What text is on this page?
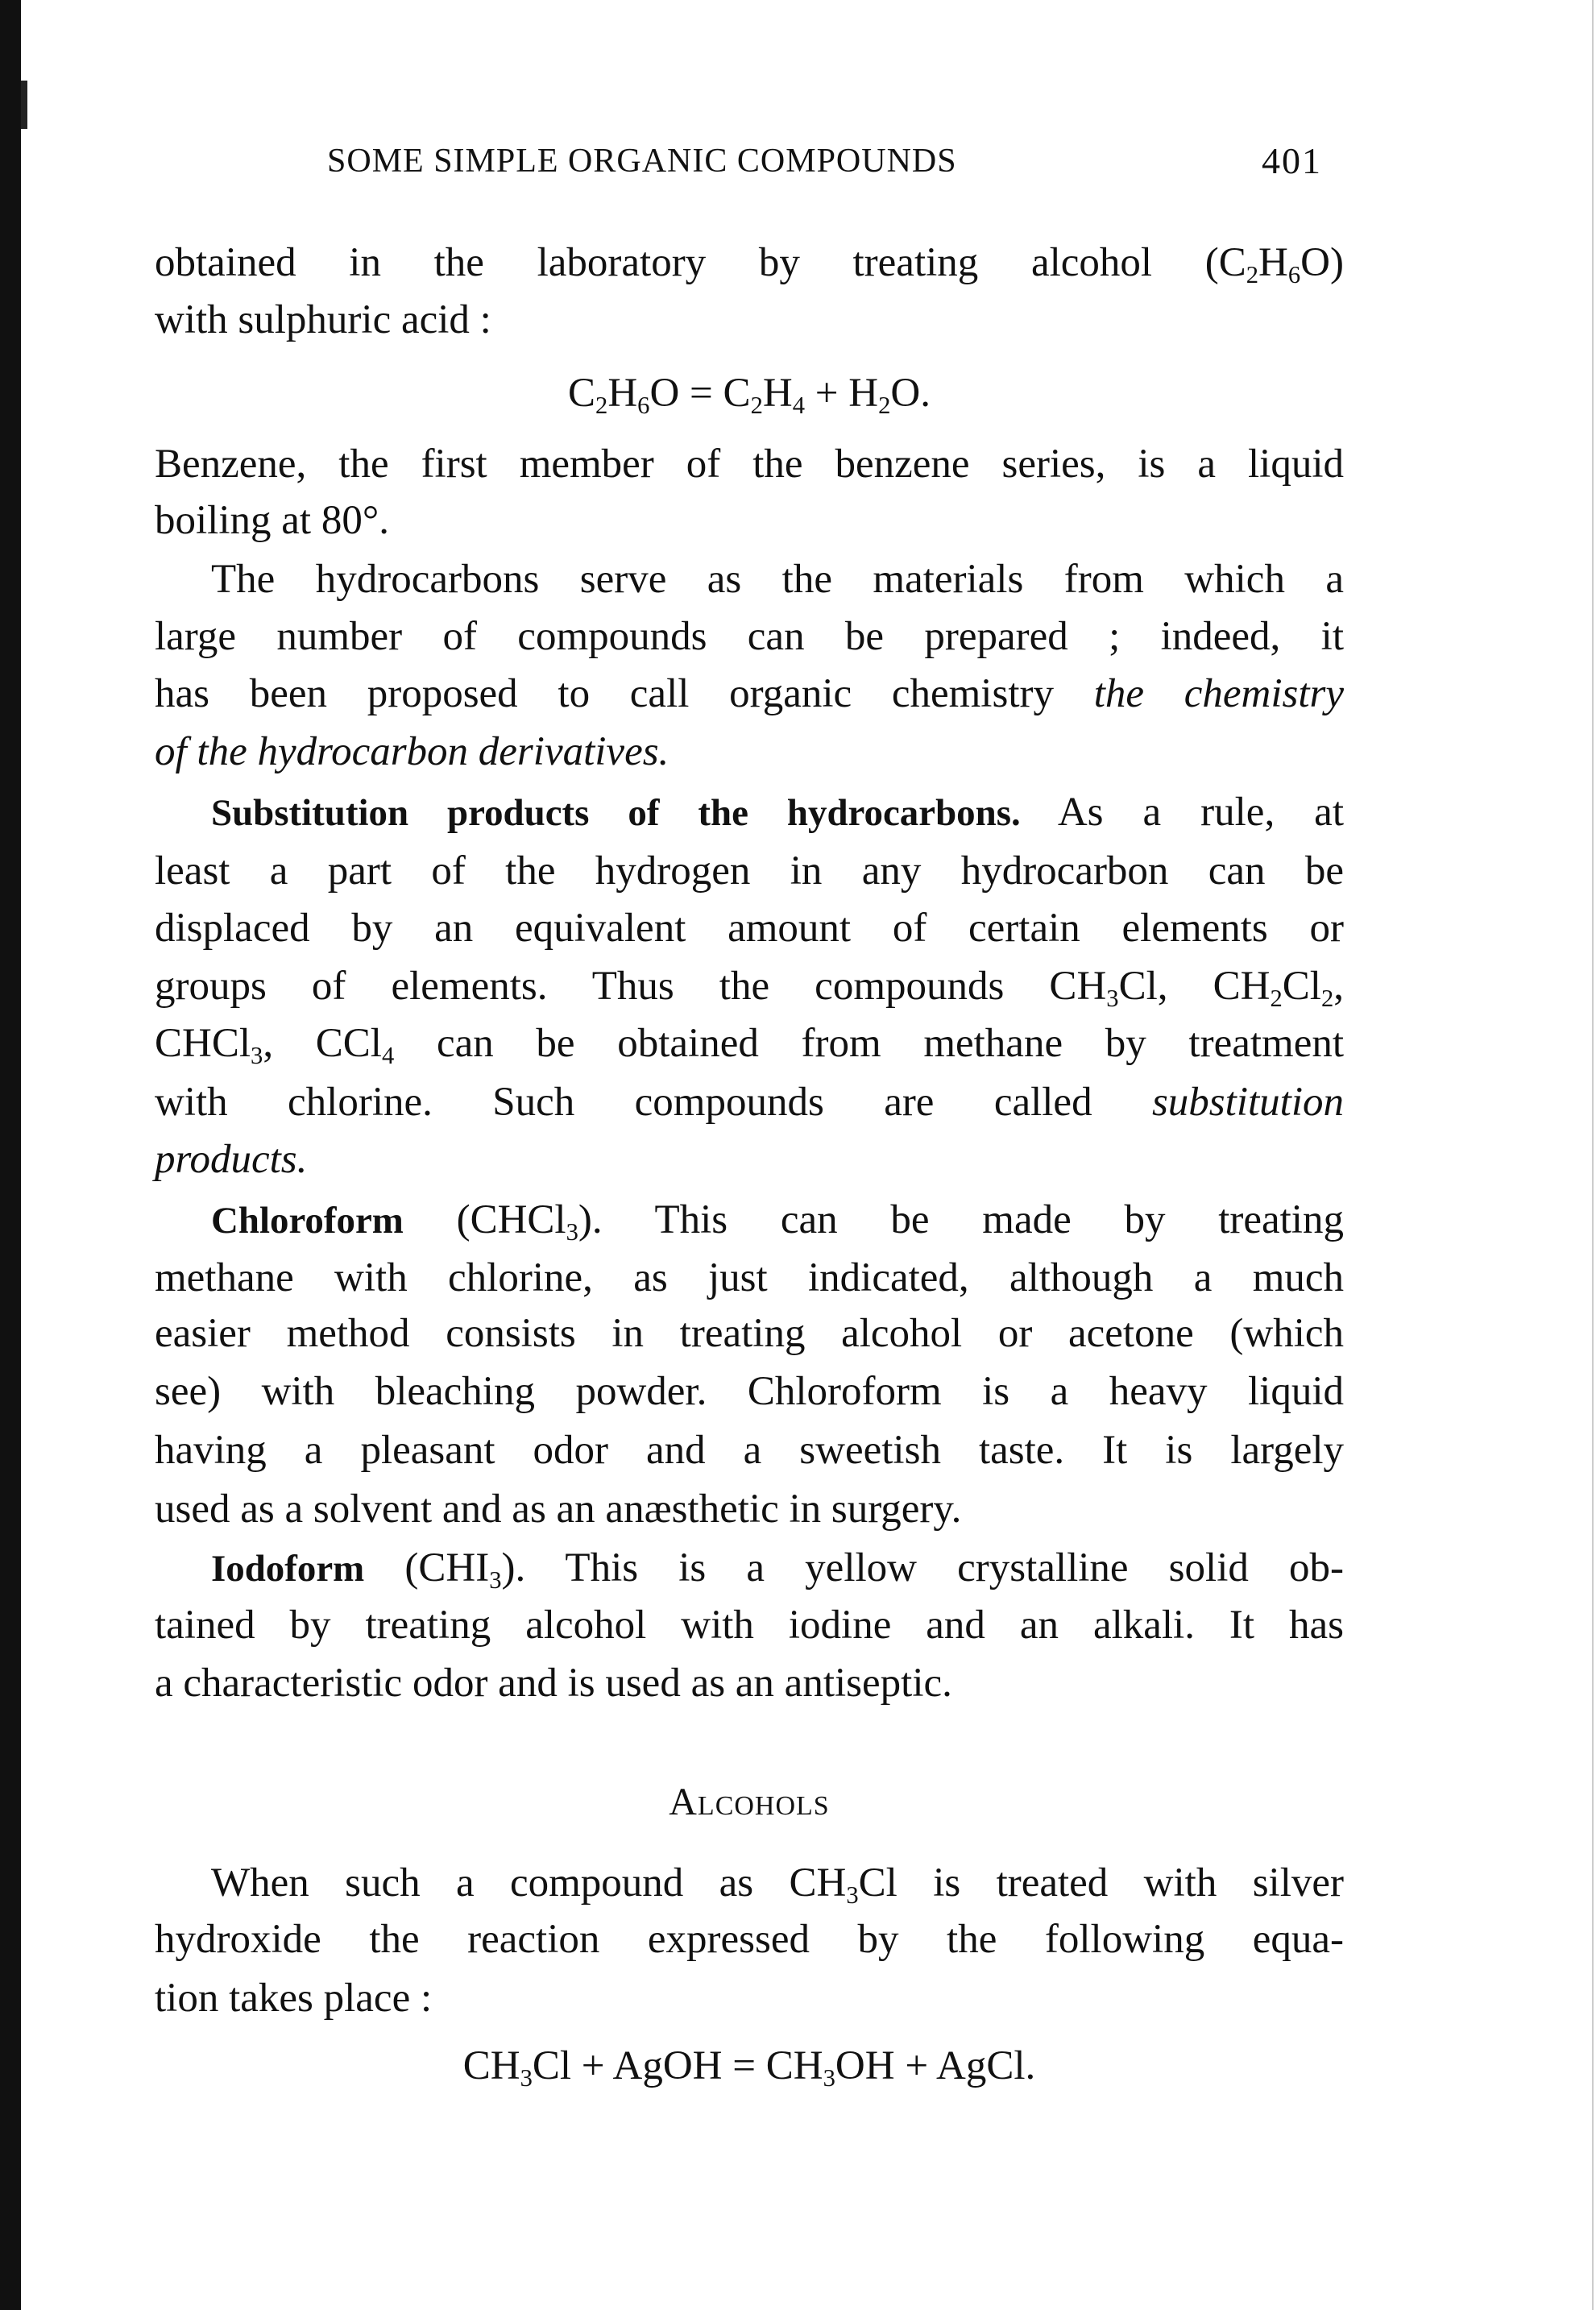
SOME SIMPLE ORGANIC COMPOUNDS	401
obtained in the laboratory by treating alcohol $(C_2H_6O)$
with sulphuric acid :
$C_2H_6O = C_2H_4 + H_2O$.
Benzene, the first member of the benzene series, is a liquid
boiling at 80°.
The hydrocarbons serve as the materials from which a
large number of compounds can be prepared ; indeed, it
has been proposed to call organic chemistry the chemistry
of the hydrocarbon derivatives.
Substitution products of the hydrocarbons. As a rule, at
least a part of the hydrogen in any hydrocarbon can be
displaced by an equivalent amount of certain elements or
groups of elements. Thus the compounds $CH_3Cl$, $CH_2Cl_2$,
CHCl$_3$, CCl$_4$ can be obtained from methane by treatment
with chlorine. Such compounds are called substitution
products.
Chloroform (CHCl$_3$). This can be made by treating
methane with chlorine, as just indicated, although a much
easier method consists in treating alcohol or acetone (which
see) with bleaching powder. Chloroform is a heavy liquid
having a pleasant odor and a sweetish taste. It is largely
used as a solvent and as an anæsthetic in surgery.
Iodoform $(CHI_3)$. This is a yellow crystalline solid ob-
tained by treating alcohol with iodine and an alkali. It has
a characteristic odor and is used as an antiseptic.
Alcohols
When such a compound as $CH_3Cl$ is treated with silver
hydroxide the reaction expressed by the following equa-
tion takes place :
$CH_3Cl$ + AgOH = $CH_3OH$ + AgCl.
